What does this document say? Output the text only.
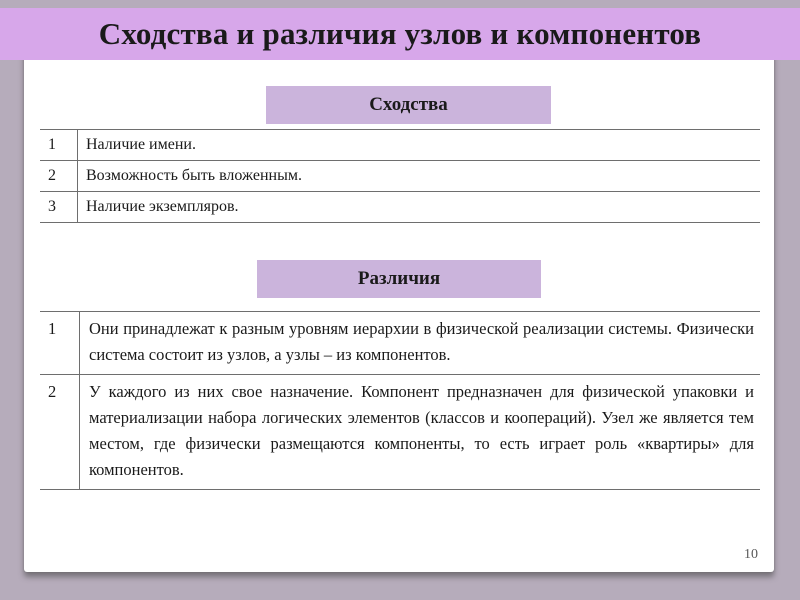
Сходства и различия узлов и компонентов
Сходства
1	Наличие имени.
2	Возможность быть вложенным.
3	Наличие экземпляров.
Различия
1	Они принадлежат к разным уровням иерархии в физической реализации системы. Физически система состоит из узлов, а узлы – из компонентов.
2	У каждого из них свое назначение. Компонент предназначен для физической упаковки и материализации набора логических элементов (классов и коопераций). Узел же является тем местом, где физически размещаются компоненты, то есть играет роль «квартиры» для компонентов.
10
